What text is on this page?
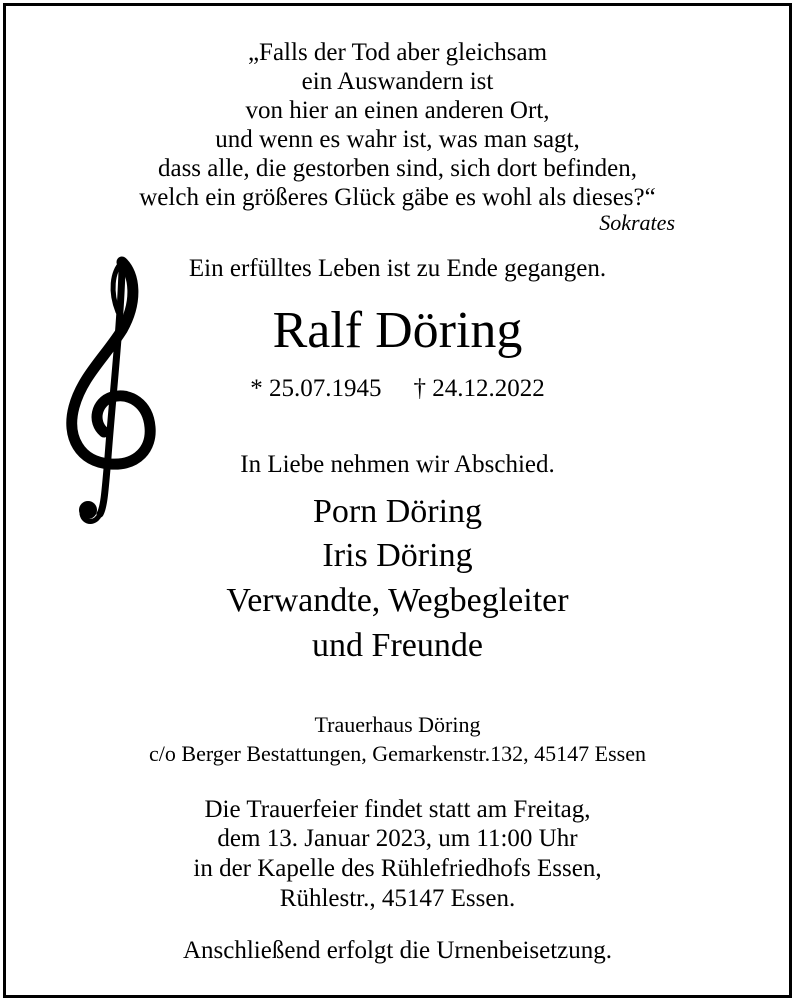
„Falls der Tod aber gleichsam
ein Auswandern ist
von hier an einen anderen Ort,
und wenn es wahr ist, was man sagt,
dass alle, die gestorben sind, sich dort befinden,
welch ein größeres Glück gäbe es wohl als dieses?“
Sokrates
Ein erfülltes Leben ist zu Ende gegangen.
Ralf Döring
* 25.07.1945 † 24.12.2022
In Liebe nehmen wir Abschied.
Porn Döring
Iris Döring
Verwandte, Wegbegleiter
und Freunde
Trauerhaus Döring
c/o Berger Bestattungen, Gemarkenstr.132, 45147 Essen
Die Trauerfeier findet statt am Freitag,
dem 13. Januar 2023, um 11:00 Uhr
in der Kapelle des Rühlefriedhofs Essen,
Rühlestr., 45147 Essen.
Anschließend erfolgt die Urnenbeisetzung.
